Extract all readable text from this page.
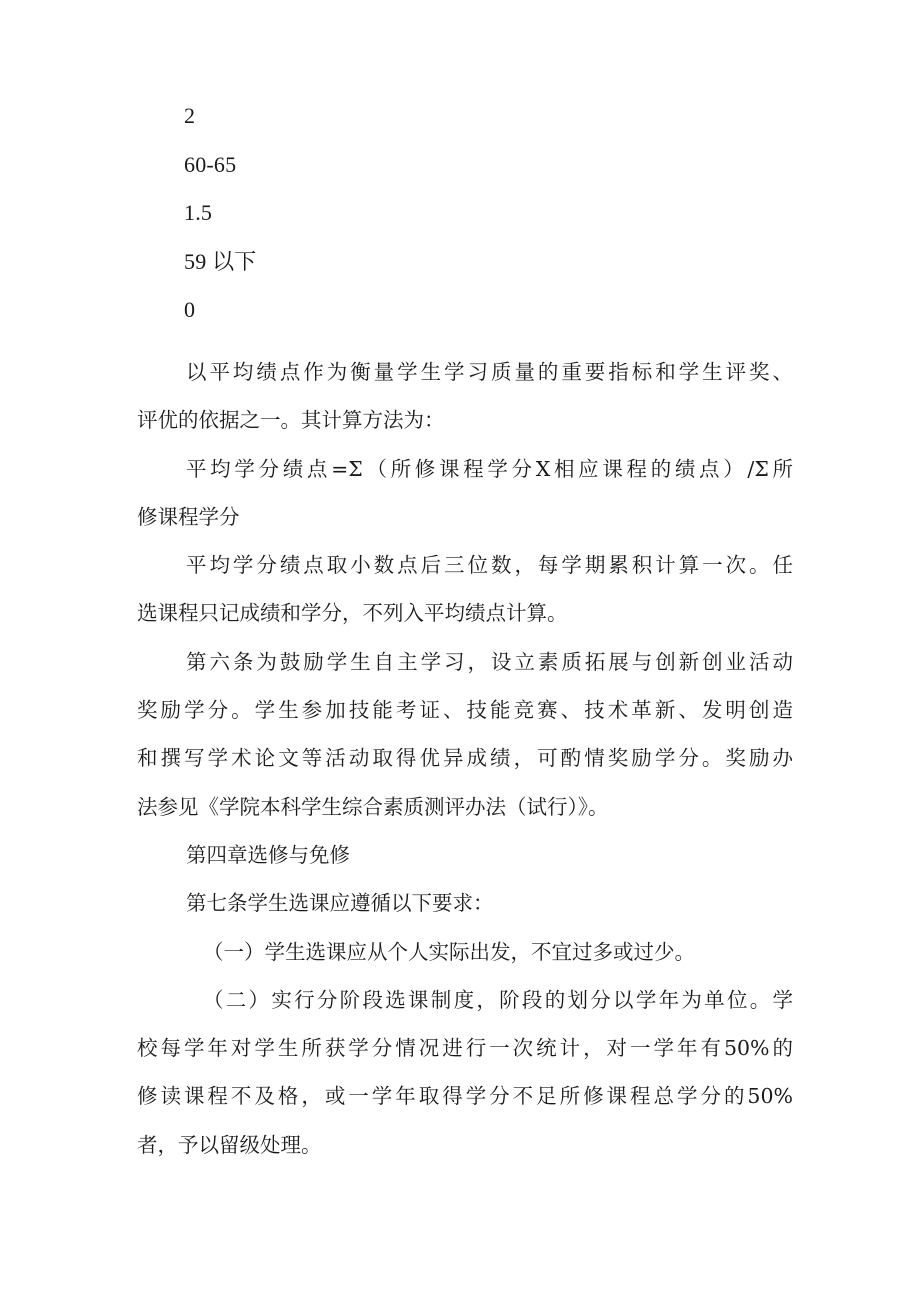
2
60-65
1.5
59 以下
0
以平均绩点作为衡量学生学习质量的重要指标和学生评奖、
评优的依据之一。其计算方法为：
平均学分绩点=Σ（所修课程学分X相应课程的绩点）/Σ所
修课程学分
平均学分绩点取小数点后三位数，每学期累积计算一次。任
选课程只记成绩和学分，不列入平均绩点计算。
第六条为鼓励学生自主学习，设立素质拓展与创新创业活动
奖励学分。学生参加技能考证、技能竞赛、技术革新、发明创造
和撰写学术论文等活动取得优异成绩，可酌情奖励学分。奖励办
法参见《学院本科学生综合素质测评办法（试行）》。
第四章选修与免修
第七条学生选课应遵循以下要求：
（一）学生选课应从个人实际出发，不宜过多或过少。
（二）实行分阶段选课制度，阶段的划分以学年为单位。学
校每学年对学生所获学分情况进行一次统计，对一学年有50%的
修读课程不及格，或一学年取得学分不足所修课程总学分的50%
者，予以留级处理。
